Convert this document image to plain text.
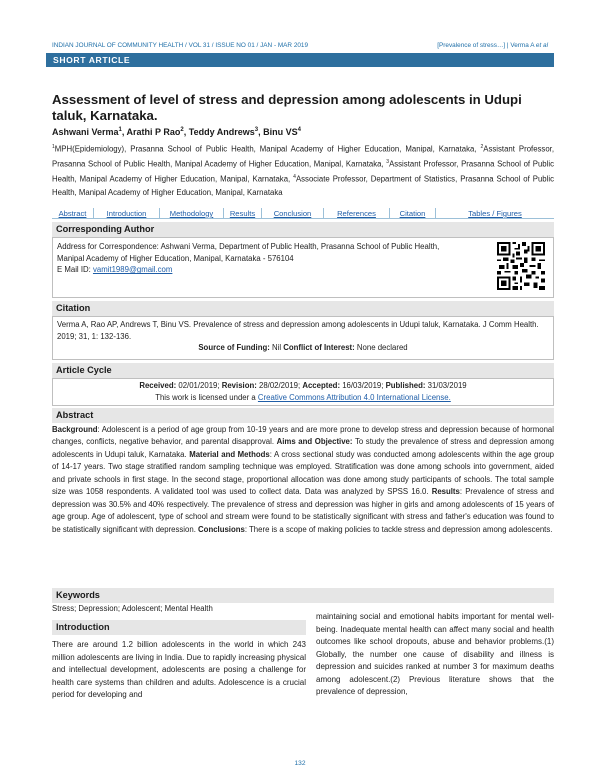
INDIAN JOURNAL OF COMMUNITY HEALTH / VOL 31 / ISSUE NO 01 / JAN - MAR 2019	[Prevalence of stress…] | Verma A et al
SHORT ARTICLE
Assessment of level of stress and depression among adolescents in Udupi taluk, Karnataka.
Ashwani Verma$^1$, Arathi P Rao$^2$, Teddy Andrews$^3$, Binu $VS^4$
$^1$MPH(Epidemiology), Prasanna School of Public Health, Manipal Academy of Higher Education, Manipal, Karnataka, $^2$Assistant Professor, Prasanna School of Public Health, Manipal Academy of Higher Education, Manipal, Karnataka, $^3$Assistant Professor, Prasanna School of Public Health, Manipal Academy of Higher Education, Manipal, Karnataka, $^4$Associate Professor, Department of Statistics, Prasanna School of Public Health, Manipal Academy of Higher Education, Manipal, Karnataka
Abstract	Introduction	Methodology	Results	Conclusion	References	Citation	Tables / Figures
Corresponding Author
Address for Correspondence: Ashwani Verma, Department of Public Health, Prasanna School of Public Health, Manipal Academy of Higher Education, Manipal, Karnataka - 576104
E Mail ID: vamit1989@gmail.com
Citation
Verma A, Rao AP, Andrews T, Binu VS. Prevalence of stress and depression among adolescents in Udupi taluk, Karnataka. J Comm Health. 2019; 31, 1: 132-136.
Source of Funding: Nil Conflict of Interest: None declared
Article Cycle
Received: 02/01/2019; Revision: 28/02/2019; Accepted: 16/03/2019; Published: 31/03/2019
This work is licensed under a Creative Commons Attribution 4.0 International License.
Abstract
Background: Adolescent is a period of age group from 10-19 years and are more prone to develop stress and depression because of hormonal changes, conflicts, negative behavior, and parental disapproval. Aims and Objective: To study the prevalence of stress and depression among adolescents in Udupi taluk, Karnataka. Material and Methods: A cross sectional study was conducted among adolescents within the age group of 14-17 years. Two stage stratified random sampling technique was employed. Stratification was done among schools into government, aided and private schools in first stage. In the second stage, proportional allocation was done among study participants of schools. The total sample size was 1058 respondents. A validated tool was used to collect data. Data was analyzed by SPSS 16.0. Results: Prevalence of stress and depression was 30.5% and 40% respectively. The prevalence of stress and depression was higher in girls and among adolescents of 15 years of age group. Age of adolescent, type of school and stream were found to be statistically significant with stress and father's education was found to be statistically significant with depression. Conclusions: There is a scope of making policies to tackle stress and depression among adolescents.
Keywords
Stress; Depression; Adolescent; Mental Health
Introduction
There are around 1.2 billion adolescents in the world in which 243 million adolescents are living in India. Due to rapidly increasing physical and intellectual development, adolescents are posing a challenge for health care systems than children and adults. Adolescence is a crucial period for developing and
maintaining social and emotional habits important for mental well-being. Inadequate mental health can affect many social and health outcomes like school dropouts, abuse and behavior problems.(1) Globally, the number one cause of disability and illness is depression and suicides ranked at number 3 for maximum deaths among adolescent.(2) Previous literature shows that the prevalence of depression,
132
